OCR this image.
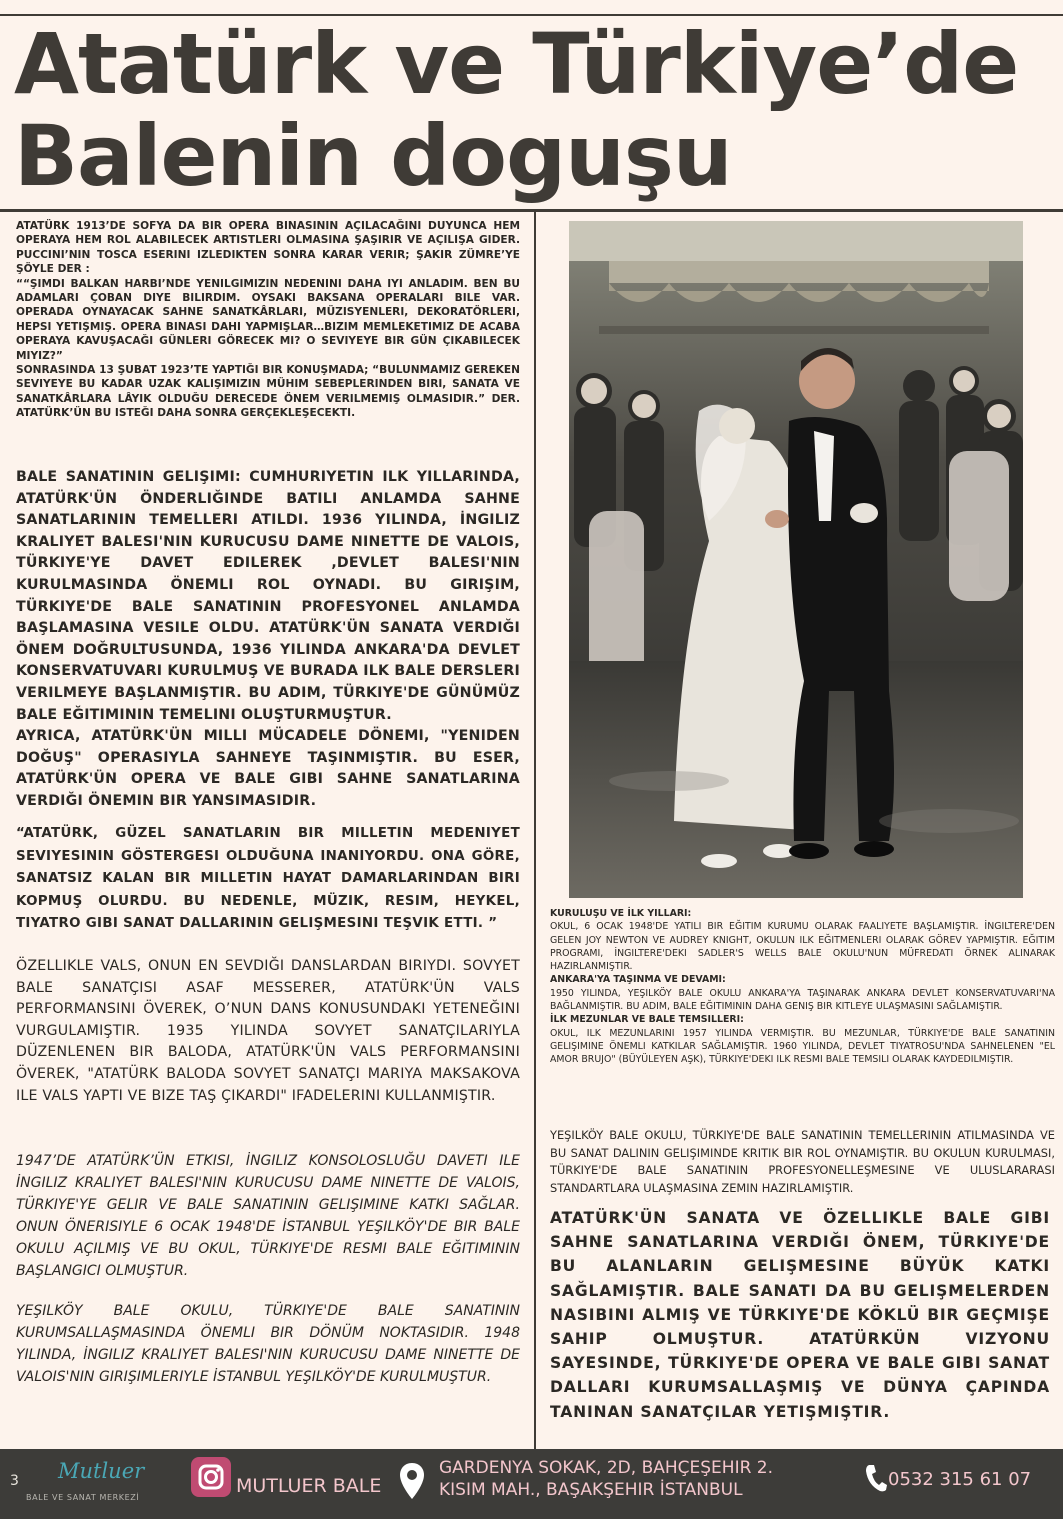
Atatürk ve Türkiye’de
Balenin doguşu

ATATÜRK 1913’DE SOFYA DA BIR OPERA BINASININ AÇILACAĞINI DUYUNCA HEM OPERAYA HEM ROL ALABILECEK ARTISTLERI OLMASINA ŞAŞIRIR VE AÇILIŞA GIDER. PUCCINI’NIN TOSCA ESERINI IZLEDIKTEN SONRA KARAR VERIR; ŞAKIR ZÜMRE’YE ŞÖYLE DER :

““ŞIMDI BALKAN HARBI’NDE YENILGIMIZIN NEDENINI DAHA IYI ANLADIM. BEN BU ADAMLARI ÇOBAN DIYE BILIRDIM. OYSAKI BAKSANA OPERALARI BILE VAR. OPERADA OYNAYACAK SAHNE SANATKÂRLARI, MÜZISYENLERI, DEKORATÖRLERI, HEPSI YETIŞMIŞ. OPERA BINASI DAHI YAPMIŞLAR…BIZIM MEMLEKETIMIZ DE ACABA OPERAYA KAVUŞACAĞI GÜNLERI GÖRECEK MI? O SEVIYEYE BIR GÜN ÇIKABILECEK MIYIZ?”

SONRASINDA 13 ŞUBAT 1923’TE YAPTIĞI BIR KONUŞMADA; “BULUNMAMIZ GEREKEN SEVIYEYE BU KADAR UZAK KALIŞIMIZIN MÜHIM SEBEPLERINDEN BIRI, SANATA VE SANATKÂRLARA LÂYIK OLDUĞU DERECEDE ÖNEM VERILMEMIŞ OLMASIDIR.” DER. ATATÜRK’ÜN BU ISTEĞI DAHA SONRA GERÇEKLEŞECEKTI.

BALE SANATININ GELIŞIMI: CUMHURIYETIN ILK YILLARINDA, ATATÜRK'ÜN ÖNDERLIĞINDE BATILI ANLAMDA SAHNE SANATLARININ TEMELLERI ATILDI. 1936 YILINDA, İNGILIZ KRALIYET BALESI'NIN KURUCUSU DAME NINETTE DE VALOIS, TÜRKIYE'YE DAVET EDILEREK ,DEVLET BALESI'NIN KURULMASINDA ÖNEMLI ROL OYNADI. BU GIRIŞIM, TÜRKIYE'DE BALE SANATININ PROFESYONEL ANLAMDA BAŞLAMASINA VESILE OLDU. ATATÜRK'ÜN SANATA VERDIĞI ÖNEM DOĞRULTUSUNDA, 1936 YILINDA ANKARA'DA DEVLET KONSERVATUVARI KURULMUŞ VE BURADA ILK BALE DERSLERI VERILMEYE BAŞLANMIŞTIR. BU ADIM, TÜRKIYE'DE GÜNÜMÜZ BALE EĞITIMININ TEMELINI OLUŞTURMUŞTUR.

AYRICA, ATATÜRK'ÜN MILLI MÜCADELE DÖNEMI, "YENIDEN DOĞUŞ" OPERASIYLA SAHNEYE TAŞINMIŞTIR. BU ESER, ATATÜRK'ÜN OPERA VE BALE GIBI SAHNE SANATLARINA VERDIĞI ÖNEMIN BIR YANSIMASIDIR.

“ATATÜRK, GÜZEL SANATLARIN BIR MILLETIN MEDENIYET SEVIYESININ GÖSTERGESI OLDUĞUNA INANIYORDU. ONA GÖRE, SANATSIZ KALAN BIR MILLETIN HAYAT DAMARLARINDAN BIRI KOPMUŞ OLURDU. BU NEDENLE, MÜZIK, RESIM, HEYKEL, TIYATRO GIBI SANAT DALLARININ GELIŞMESINI TEŞVIK ETTI. ”

ÖZELLIKLE VALS, ONUN EN SEVDIĞI DANSLARDAN BIRIYDI. SOVYET BALE SANATÇISI ASAF MESSERER, ATATÜRK'ÜN VALS PERFORMANSINI ÖVEREK, O’NUN DANS KONUSUNDAKI YETENEĞINI VURGULAMIŞTIR. 1935 YILINDA SOVYET SANATÇILARIYLA DÜZENLENEN BIR BALODA, ATATÜRK'ÜN VALS PERFORMANSINI ÖVEREK, "ATATÜRK BALODA SOVYET SANATÇI MARIYA MAKSAKOVA ILE VALS YAPTI VE BIZE TAŞ ÇIKARDI" IFADELERINI KULLANMIŞTIR.

1947’DE ATATÜRK’ÜN ETKISI, İNGILIZ KONSOLOSLUĞU DAVETI ILE İNGILIZ KRALIYET BALESI'NIN KURUCUSU DAME NINETTE DE VALOIS, TÜRKIYE'YE GELIR VE BALE SANATININ GELIŞIMINE KATKI SAĞLAR. ONUN ÖNERISIYLE 6 OCAK 1948'DE İSTANBUL YEŞILKÖY'DE BIR BALE OKULU AÇILMIŞ VE BU OKUL, TÜRKIYE'DE RESMI BALE EĞITIMININ BAŞLANGICI OLMUŞTUR.

YEŞILKÖY BALE OKULU, TÜRKIYE'DE BALE SANATININ KURUMSALLAŞMASINDA ÖNEMLI BIR DÖNÜM NOKTASIDIR. 1948 YILINDA, İNGILIZ KRALIYET BALESI'NIN KURUCUSU DAME NINETTE DE VALOIS'NIN GIRIŞIMLERIYLE İSTANBUL YEŞILKÖY'DE KURULMUŞTUR.

KURULUŞU VE İLK YILLARI:

OKUL, 6 OCAK 1948'DE YATILI BIR EĞITIM KURUMU OLARAK FAALIYETE BAŞLAMIŞTIR. İNGILTERE'DEN GELEN JOY NEWTON VE AUDREY KNIGHT, OKULUN ILK EĞITMENLERI OLARAK GÖREV YAPMIŞTIR. EĞITIM PROGRAMI, İNGILTERE'DEKI SADLER'S WELLS BALE OKULU'NUN MÜFREDATI ÖRNEK ALINARAK HAZIRLANMIŞTIR.

ANKARA'YA TAŞINMA VE DEVAMI:

1950 YILINDA, YEŞILKÖY BALE OKULU ANKARA'YA TAŞINARAK ANKARA DEVLET KONSERVATUVARI'NA BAĞLANMIŞTIR. BU ADIM, BALE EĞITIMININ DAHA GENIŞ BIR KITLEYE ULAŞMASINI SAĞLAMIŞTIR.

İLK MEZUNLAR VE BALE TEMSILLERI:

OKUL, ILK MEZUNLARINI 1957 YILINDA VERMIŞTIR. BU MEZUNLAR, TÜRKIYE'DE BALE SANATININ GELIŞIMINE ÖNEMLI KATKILAR SAĞLAMIŞTIR. 1960 YILINDA, DEVLET TIYATROSU'NDA SAHNELENEN "EL AMOR BRUJO" (BÜYÜLEYEN AŞK), TÜRKIYE'DEKI ILK RESMI BALE TEMSILI OLARAK KAYDEDILMIŞTIR.

YEŞILKÖY BALE OKULU, TÜRKIYE'DE BALE SANATININ TEMELLERININ ATILMASINDA VE BU SANAT DALININ GELIŞIMINDE KRITIK BIR ROL OYNAMIŞTIR. BU OKULUN KURULMASI, TÜRKIYE'DE BALE SANATININ PROFESYONELLEŞMESINE VE ULUSLARARASI STANDARTLARA ULAŞMASINA ZEMIN HAZIRLAMIŞTIR.

ATATÜRK'ÜN SANATA VE ÖZELLIKLE BALE GIBI SAHNE SANATLARINA VERDIĞI ÖNEM, TÜRKIYE'DE BU ALANLARIN GELIŞMESINE BÜYÜK KATKI SAĞLAMIŞTIR. BALE SANATI DA BU GELIŞMELERDEN NASIBINI ALMIŞ VE TÜRKIYE'DE KÖKLÜ BIR GEÇMIŞE SAHIP OLMUŞTUR. ATATÜRKÜN VIZYONU SAYESINDE, TÜRKIYE'DE OPERA VE BALE GIBI SANAT DALLARI KURUMSALLAŞMIŞ VE DÜNYA ÇAPINDA TANINAN SANATÇILAR YETIŞMIŞTIR.

3 Mutluer
BALE VE SANAT MERKEZİ
MUTLUER BALE
GARDENYA SOKAK, 2D, BAHÇEŞEHIR 2.
KISIM MAH., BAŞAKŞEHIR İSTANBUL	0532 315 61 07
